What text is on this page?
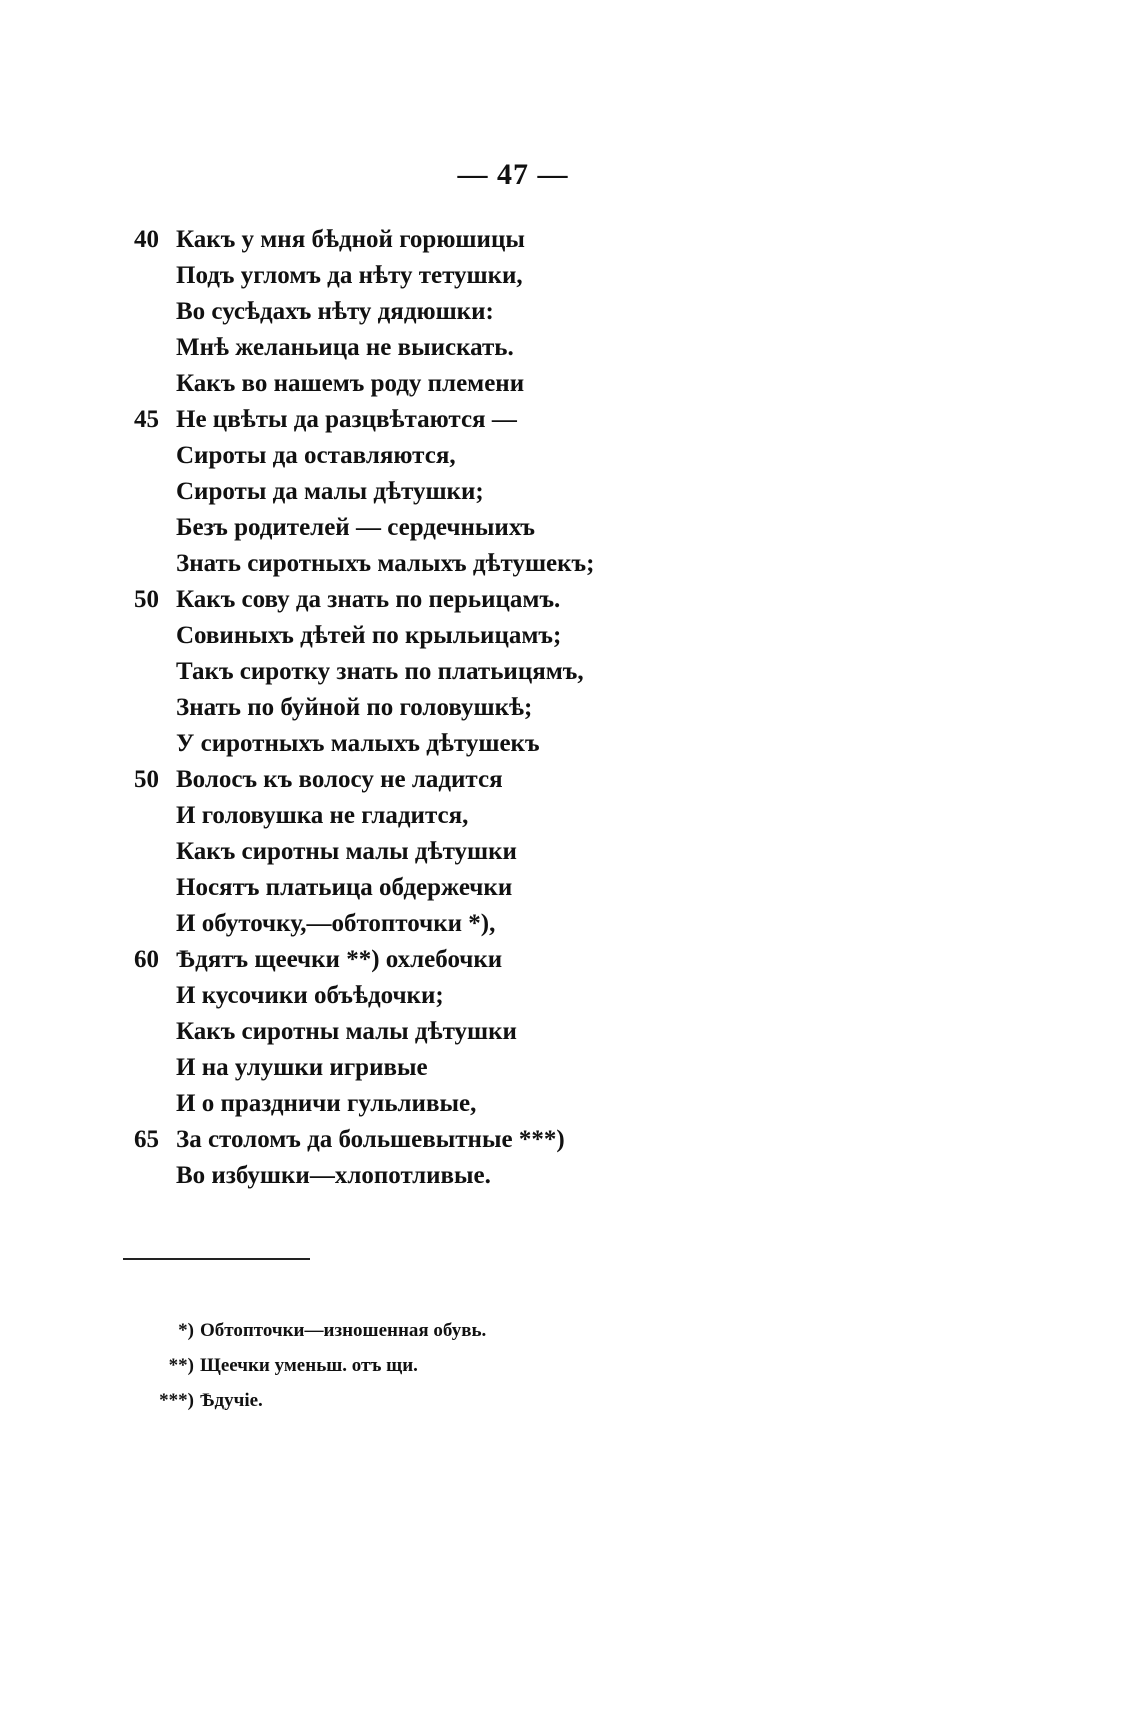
— 47 —
40 Какъ у мня бѣдной горюшицы
Подъ угломъ да нѣту тетушки,
Во сусѣдахъ нѣту дядюшки:
Мнѣ желаньица не выискать.
Какъ во нашемъ роду племени
45 Не цвѣты да разцвѣтаются —
Сироты да оставляются,
Сироты да малы дѣтушки;
Безъ родителей — сердечныихъ
Знать сиротныхъ малыхъ дѣтушекъ;
50 Какъ сову да знать по перьицамъ.
Совиныхъ дѣтей по крыльицамъ;
Такъ сиротку знать по платьицямъ,
Знать по буйной по головушкѣ;
У сиротныхъ малыхъ дѣтушекъ
50 Волосъ къ волосу не ладится
И головушка не гладится,
Какъ сиротны малы дѣтушки
Носятъ платьица обдержечки
И обуточку,—обтопточки *),
60 Ѣдятъ щеечки **) охлебочки
И кусочики объѣдочки;
Какъ сиротны малы дѣтушки
И на улушки игривые
И о праздничи гульливые,
65 За столомъ да большевытные ***)
Во избушки—хлопотливые.
*) Обтопточки—изношенная обувь.
**) Щеечки уменьш. отъ щи.
***) Ѣдучіе.
